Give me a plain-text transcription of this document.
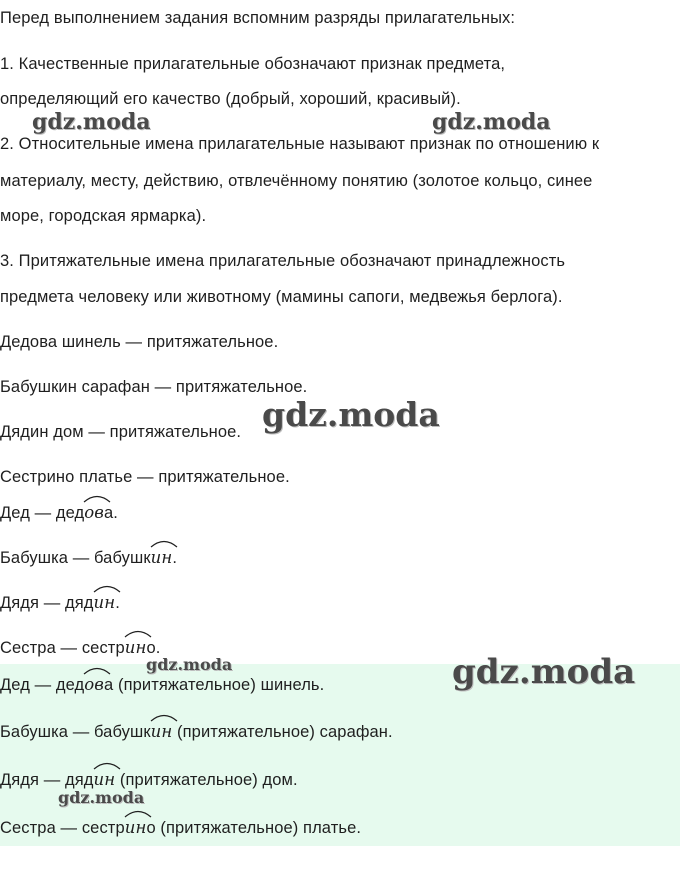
Перед выполнением задания вспомним разряды прилагательных:

1. Качественные прилагательные обозначают признак предмета,

определяющий его качество (добрый, хороший, красивый).

2. Относительные имена прилагательные называют признак по отношению к

материалу, месту, действию, отвлечённому понятию (золотое кольцо, синее

море, городская ярмарка).

3. Притяжательные имена прилагательные обозначают принадлежность

предмета человеку или животному (мамины сапоги, медвежья берлога).

Дедова шинель — притяжательное.

Бабушкин сарафан — притяжательное.

Дядин дом — притяжательное.

Сестрино платье — притяжательное.

Дед — дед
ова.

Бабушка — бабушк
ин.

Дядя — дяд
ин.

Сестра — сестр
ино.

Дед — дед
ова (притяжательное) шинель.

Бабушка — бабушк
ин (притяжательное) сарафан.

Дядя — дяд
ин (притяжательное) дом.

Сестра — сестр
ино (притяжательное) платье.

gdz.moda	gdz.moda
gdz.moda
gdz.moda	gdz.moda
gdz.moda
